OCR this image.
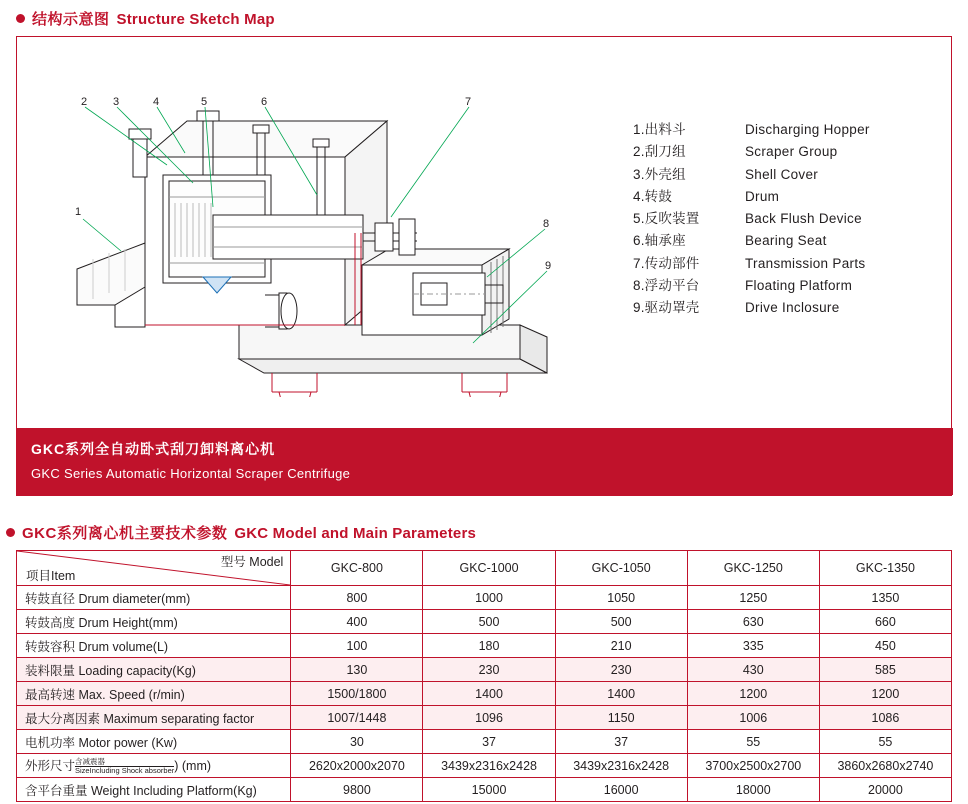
结构示意图 Structure Sketch Map
1
2 3	4	5	6	7
8
9
1.出料斗	Discharging Hopper
2.刮刀组	Scraper Group
3.外壳组	Shell Cover
4.转鼓	Drum
5.反吹装置	Back Flush Device
6.轴承座	Bearing Seat
7.传动部件	Transmission Parts
8.浮动平台	Floating Platform
9.驱动罩壳	Drive Inclosure
GKC系列全自动卧式刮刀卸料离心机
GKC Series Automatic Horizontal Scraper Centrifuge
GKC系列离心机主要技术参数 GKC Model and Main Parameters
型号 Model
项目Item	GKC-800	GKC-1000	GKC-1050	GKC-1250	GKC-1350
转鼓直径 Drum diameter(mm)	800	1000	1050	1250	1350
转鼓高度 Drum Height(mm)	400	500	500	630	660
转鼓容积 Drum volume(L)	100	180	210	335	450
装料限量 Loading capacity(Kg)	130	230	230	430	585
最高转速 Max. Speed (r/min)	1500/1800	1400	1400	1200	1200
最大分离因素 Maximum separating factor	1007/1448	1096	1150	1006	1086
电机功率 Motor power (Kw)	30	37	37	55	55
外形尺寸 含减震器
SizeIncluding Shock absorber ) (mm)	2620x2000x2070	3439x2316x2428	3439x2316x2428	3700x2500x2700	3860x2680x2740
含平台重量 Weight Including Platform(Kg)	9800	15000	16000	18000	20000
